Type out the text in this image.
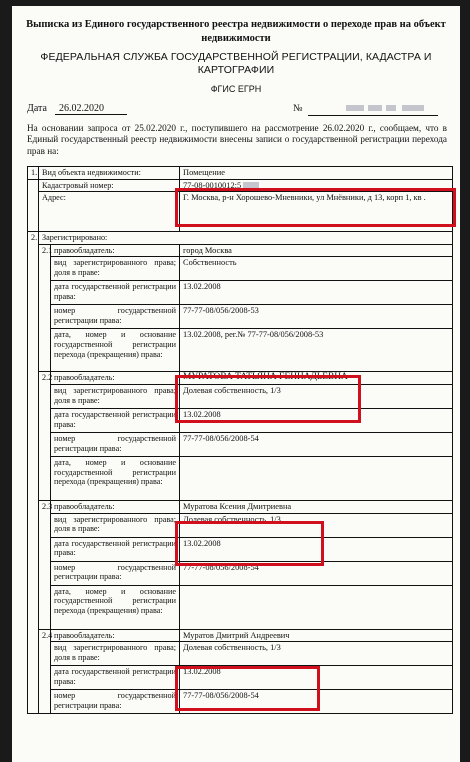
Выписка из Единого государственного реестра недвижимости о переходе прав на объект недвижимости
ФЕДЕРАЛЬНАЯ СЛУЖБА ГОСУДАРСТВЕННОЙ РЕГИСТРАЦИИ, КАДАСТРА И КАРТОГРАФИИ
ФГИС ЕГРН
Дата	26.02.2020	№
На основании запроса от 25.02.2020 г., поступившего на рассмотрение 26.02.2020 г., сообщаем, что в Единый государственный реестр недвижимости внесены записи о государственной регистрации перехода прав на:
1.	Вид объекта недвижимости:		Помещение
	Кадастровый номер:		77-08-0010012:5
	Адрес:		Г. Москва, р-н Хорошево-Мневники, ул Мнёвники, д 13, корп 1, кв .
2.	Зарегистрировано:		
	2.1	правообладатель:	город Москва
		вид зарегистрированного права; доля в праве:	Собственность
		дата государственной регистрации права:	13.02.2008
		номер государственной регистрации права:	77-77-08/056/2008-53
		дата, номер и основание государственной регистрации перехода (прекращения) права:	13.02.2008, рег.№ 77-77-08/056/2008-53
	2.2	правообладатель:	МУРАТОВА ТАТЬЯНА ГЕННАДЬЕВНА
		вид зарегистрированного права; доля в праве:	Долевая собственность, 1/3
		дата государственной регистрации права:	13.02.2008
		номер государственной регистрации права:	77-77-08/056/2008-54
		дата, номер и основание государственной регистрации перехода (прекращения) права:	
	2.3	правообладатель:	Муратова Ксения Дмитриевна
		вид зарегистрированного права; доля в праве:	Долевая собственность, 1/3
		дата государственной регистрации права:	13.02.2008
		номер государственной регистрации права:	77-77-08/056/2008-54
		дата, номер и основание государственной регистрации перехода (прекращения) права:	
	2.4	правообладатель:	Муратов Дмитрий Андреевич
		вид зарегистрированного права; доля в праве:	Долевая собственность, 1/3
		дата государственной регистрации права:	13.02.2008
		номер государственной регистрации права:	77-77-08/056/2008-54
